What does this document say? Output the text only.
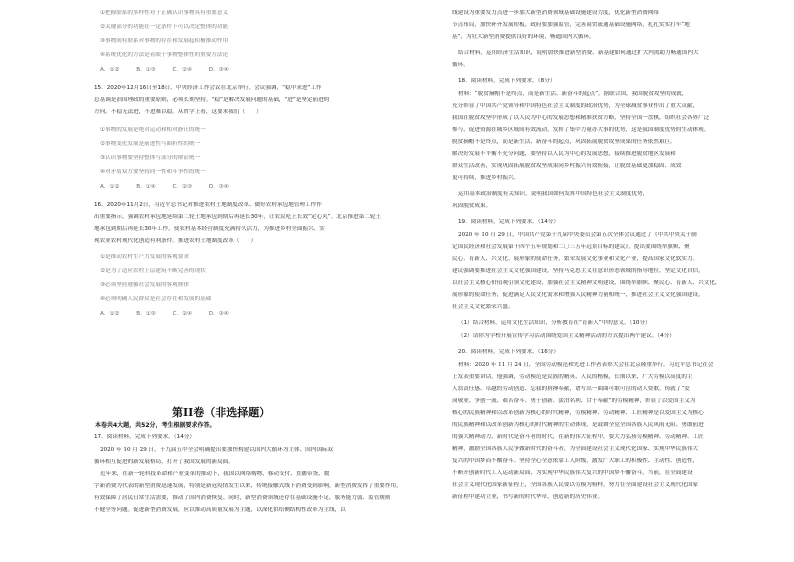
①把握联系的多样性对于正确认识事物具有重要意义
②关键部分的功能在一定条件下可以决定整体的功能
③事物间有联系对事物的存在和发展起积极推动作用
④系统优化的方法是着眼于事物整体性的重要方法论
A．①②　　　B．①③　　　C．②④　　　D．③④
15．2020年12月16日至18日，中央经济工作会议在北京举行。会议强调，“稳中求进”工作
总基调是治国理政的重要原则，必须长期坚持。“稳”是解决发展问题的基础，“进”是坚定前进的
方向。不稳无法进，不进难以稳。从哲学上看，这要求我们（　　）
①事物的发展是绝对运动和相对静止的统一
②事物变化发展是前进性与曲折性的统一
③认识事物要坚持整体与部分的辩证统一
④对矛盾双方要坚持同一性和斗争性的统一
A．①②　　　B．①④　　　C．②③　　　D．③④
16．2020年11月2日，习近平总书记对推进农村土地制度改革、做好农村承包地管理工作作
出重要指示，强调农村承包地延续第二轮土地承包到期后再延长30年，让农民吃上长效“定心丸”。北京推进第二轮土
地承包到期后再延长30年工作，使农村基本经营制度充满持久活力，为推进乡村全面振兴、实
现农业农村现代化创造有利条件。推进农村土地制度改革（　　）
①是推动农村生产力发展的客观要求
②是为了适应农村上层建筑不断完善的现状
③必须坚持遵循社会发展的客观规律
④必须明确人民群众是社会存在和发展的基础
A．①②　　　B．①③　　　C．②④　　　D．③④
第II卷（非选择题）
本卷共4大题，共52分，考生根据要求作答。
17．阅读材料，完成下列要求。（14分）
2020 年 10 月 29 日，十九届五中全会明确提出要加快构建以国内大循环为主体、国内国际双
循环相互促进的新发展格局，打开了我国发展的新局面。
近年来，在新一轮科技革命和产业变革的推动下，我国以网络购物、移动支付、直播带货、数
字新消费为代表的新型消费迅速发展，特别是新冠疫情发生以来，传统接触式线下消费受到影响，新型消费发挥了重要作用，
有效保障了居民日常生活需要，推动了国内消费恢复。同时，新型消费领域还存在基础设施不足、服务能力弱、监管规则
不健全等问题。促进新型消费发展，应以推动高质量发展为主题，以深化供给侧结构性改革为主线，以
线建设为重要发力点进一步加大新型消费领域基础设施建设力度，优化新型消费网络
节点布局，加快补齐发展短板。政府要加强监管，完善商贸流通基础设施网络，扎扎实实打牢“地
基”，为壮大新型消费提供良好的环境，畅通国内大循环。
结合材料，运用经济生活知识，说明加快推进新型消费、新基建如何通过扩大内需助力畅通国内大
循环。
18．阅读材料，完成下列要求。（8分）
材料：“脱贫摘帽不是终点，而是新生活、新奋斗的起点”。据联合国，我国脱贫攻坚的成就，
充分彰显了中国共产党领导和中国特色社会主义制度的政治优势，为全球减贫事业作出了重大贡献，
我国在脱贫攻坚中形成了以人民为中心的发展思想和精准扶贫方略，坚持全国一盘棋，组织社会各界广泛
参与，促进资源在城乡区域间有效流动，发挥了集中力量办大事的优势，这是我国制度优势的生动体现。
脱贫摘帽不是终点，而是新生活、新奋斗的起点，巩固拓展脱贫攻坚成果的任务依然艰巨。
解决好发展不平衡不充分问题，要坚持以人民为中心的发展思想，接续推进脱贫地区发展和
群众生活改善，实现巩固拓展脱贫攻坚成果同乡村振兴有效衔接，让脱贫基础更加稳固、成效
更可持续，推进乡村振兴。
运用基本政治制度有关知识，说明我国如何发挥中国特色社会主义制度优势，
巩固脱贫成果。
19．阅读材料，完成下列要求。（14分）
2020 年 10 月 29 日，中国共产党第十九届中央委员会第五次全体会议通过了《中共中央关于制
定国民经济和社会发展第十四个五年规划和二〇三五年远景目标的建议》，提出要围绕举旗帜、聚
民心、育新人、兴文化、展形象的使命任务，繁荣发展文化事业和文化产业，提高国家文化软实力。
建议强调要推进社会主义文化强国建设，坚持马克思主义在意识形态领域的指导地位，坚定文化自信，
以社会主义核心价值观引领文化建设，加强社会主义精神文明建设，围绕举旗帜、聚民心、育新人、兴文化、
展形象的使命任务，促进满足人民文化需求和增强人民精神力量相统一，推进社会主义文化强国建设，
社会主义文化繁荣兴盛。
（1）结合材料，运用文化生活知识，分析教育在“育新人”中的意义。（10分）
（2）请你为学校开展宣传学习活动围绕爱国主义精神活动的方式提出两个建议。（4分）
20．阅读材料，完成下列要求。（16分）
材料：2020 年 11 月 24 日，全国劳动模范和先进工作者表彰大会在北京隆重举行。习近平总书记在会
上发表重要讲话，他强调，劳动模范是民族的精英、人民的楷模，长期以来，广大劳模以高度的主
人翁责任感、卓越的劳动创造、忘我的拼搏奉献，谱写出一曲曲可歌可泣的动人赞歌，铸就了“爱
岗敬业、争创一流、艰苦奋斗、勇于创新、淡泊名利、甘于奉献”的劳模精神，彰显了以爱国主义为
核心的民族精神和以改革创新为核心的时代精神，劳模精神、劳动精神、工匠精神是以爱国主义为核心
的民族精神和以改革创新为核心的时代精神的生动体现，是鼓舞全党全国各族人民风雨无阻、勇敢前进
的强大精神动力。新时代是奋斗者的时代，在新的伟大征程中，要大力弘扬劳模精神、劳动精神、工匠
精神，激励全国各族人民争做新时代的奋斗者，为全面建设社会主义现代化国家、实现中华民族伟大
复兴的中国梦而不懈奋斗。坚持全心全意依靠工人阶级，激发广大职工的积极性、主动性、创造性，
不断开创新时代工人运动新局面，为实现中华民族伟大复兴的中国梦不懈奋斗。当前，在全面建设
社会主义现代化国家新征程上，全国各族人民要以劳模为榜样，努力在全面建设社会主义现代化国家
新征程中建功立业，书写新的时代华章，创造新的历史伟业。
